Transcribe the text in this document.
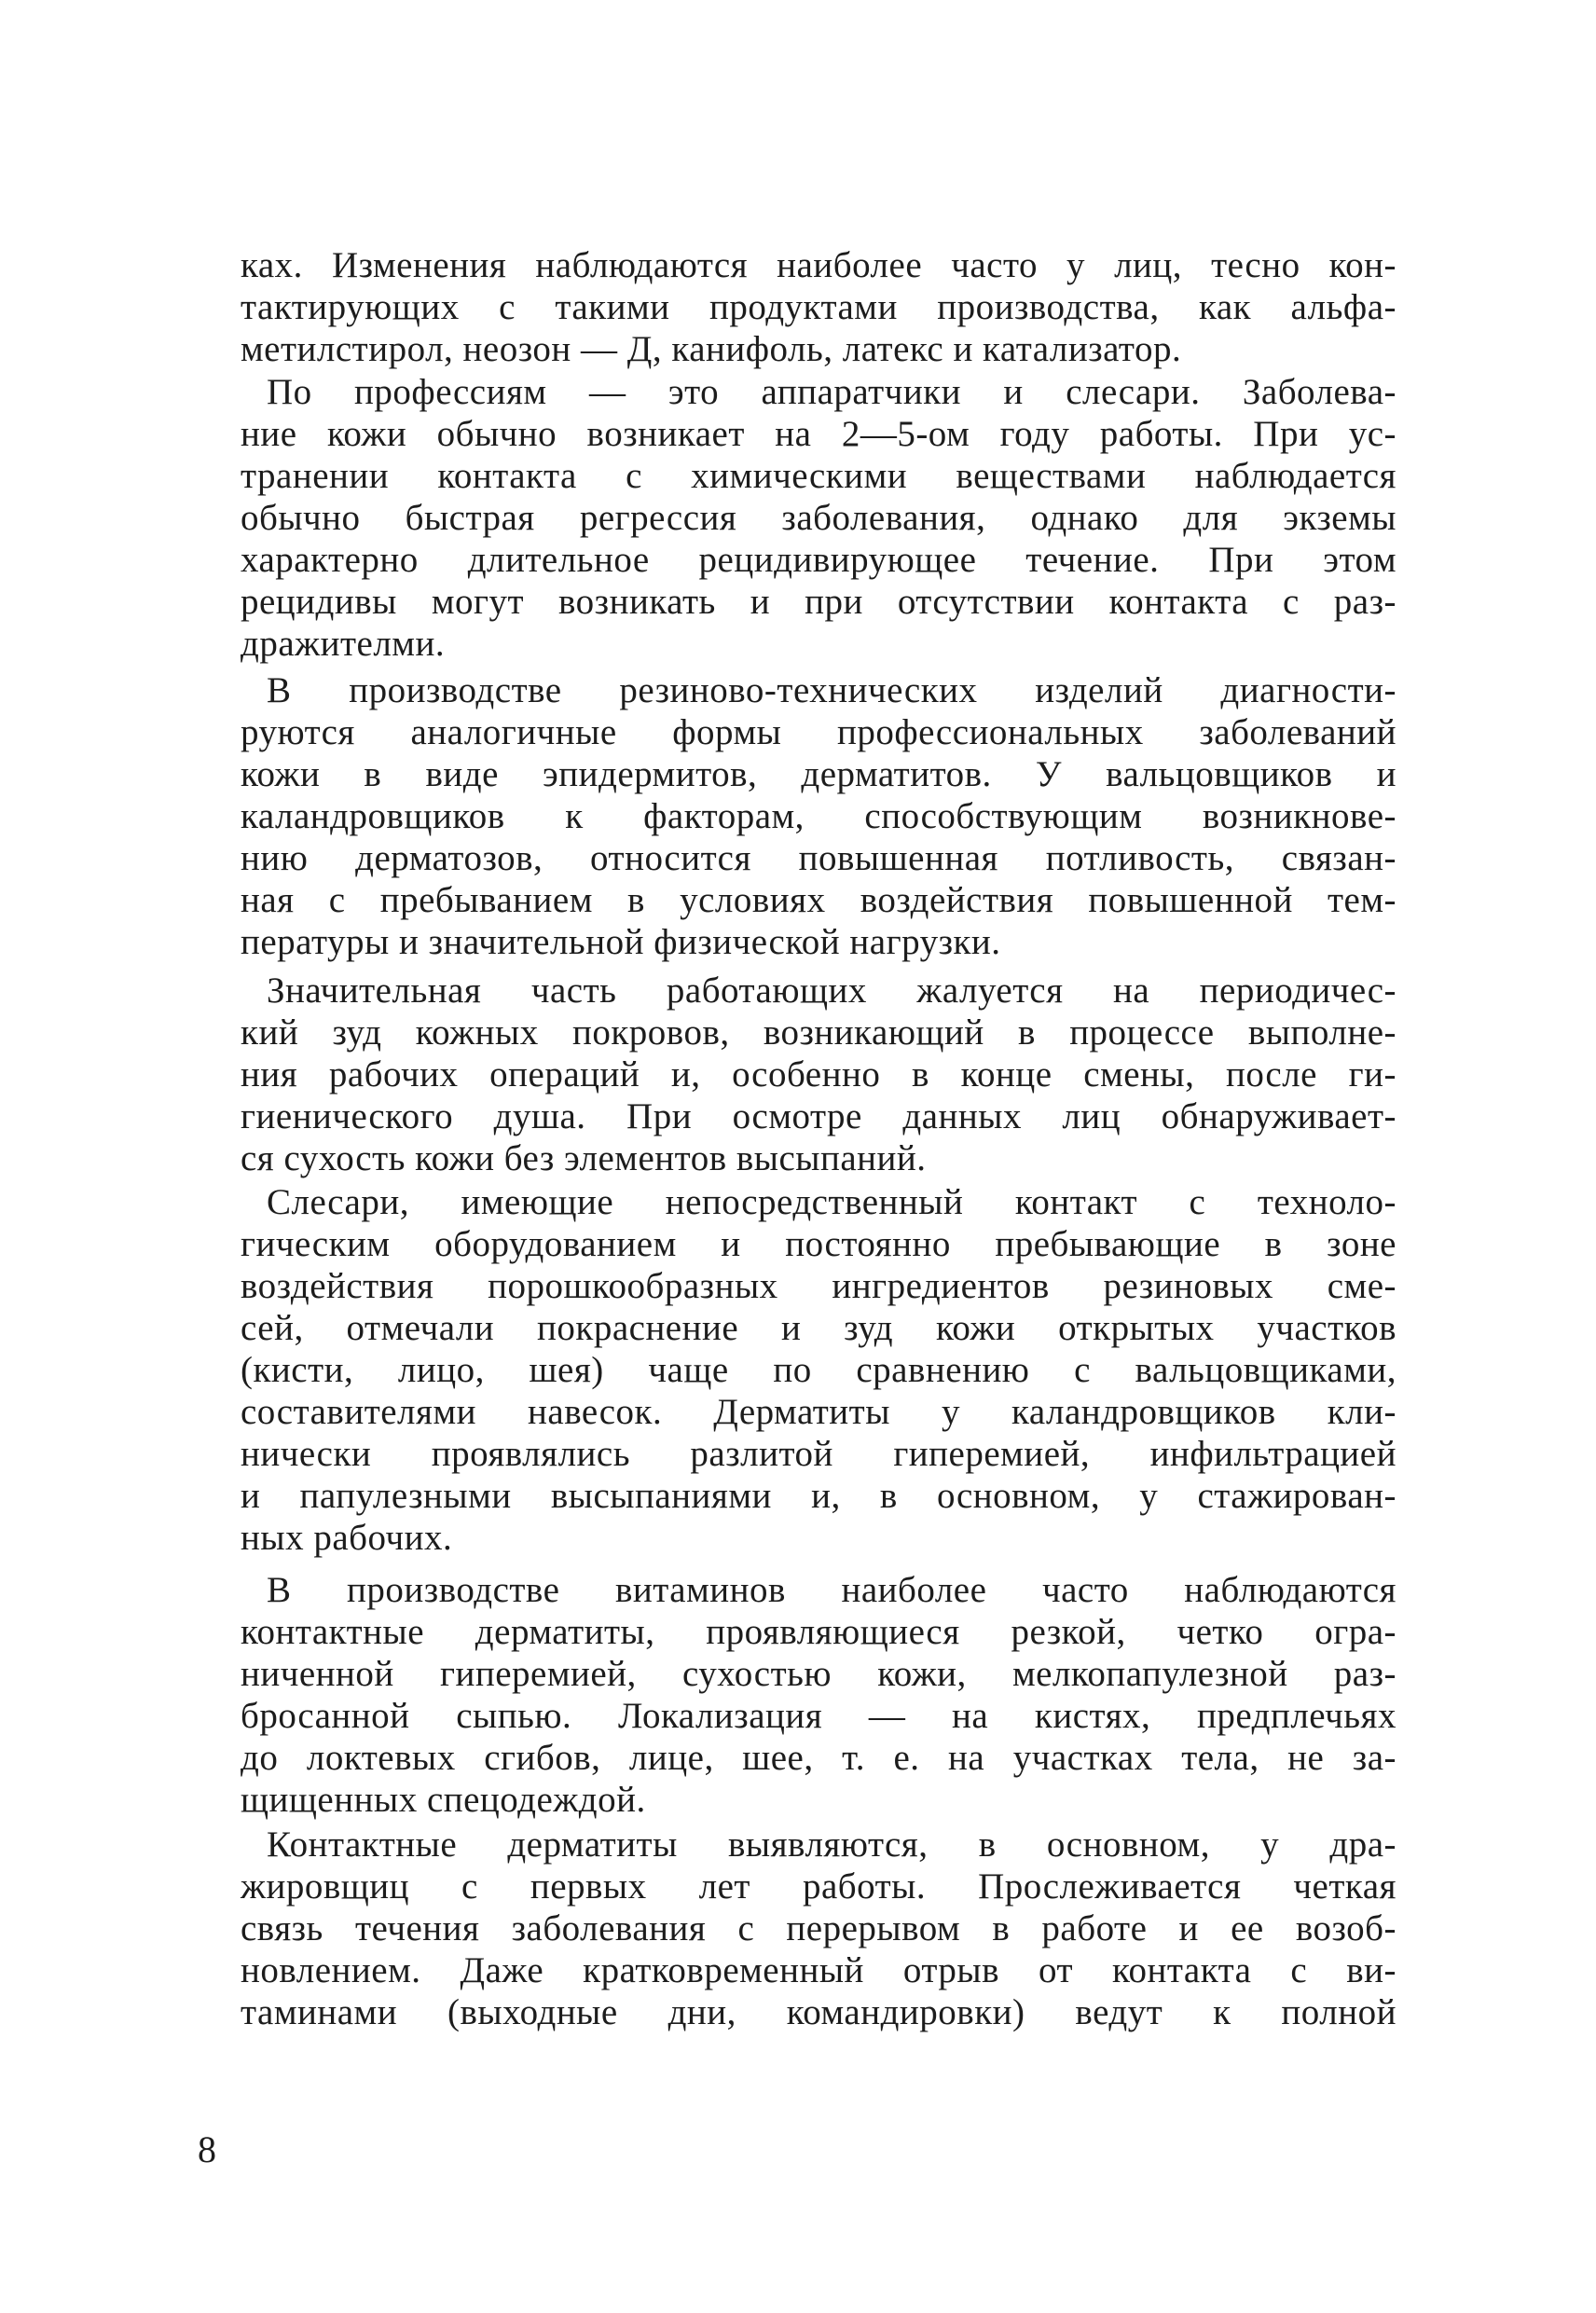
ках. Изменения наблюдаются наиболее часто у лиц, тесно кон-
тактирующих с такими продуктами производства, как альфа-
метилстирол, неозон — Д, канифоль, латекс и катализатор.
По профессиям — это аппаратчики и слесари. Заболева-
ние кожи обычно возникает на 2—5-ом году работы. При ус-
транении контакта с химическими веществами наблюдается
обычно быстрая регрессия заболевания, однако для экземы
характерно длительное рецидивирующее течение. При этом
рецидивы могут возникать и при отсутствии контакта с раз-
дражителми.
В производстве резиново-технических изделий диагности-
руются аналогичные формы профессиональных заболеваний
кожи в виде эпидермитов, дерматитов. У вальцовщиков и
каландровщиков к факторам, способствующим возникнове-
нию дерматозов, относится повышенная потливость, связан-
ная с пребыванием в условиях воздействия повышенной тем-
пературы и значительной физической нагрузки.
Значительная часть работающих жалуется на периодичес-
кий зуд кожных покровов, возникающий в процессе выполне-
ния рабочих операций и, особенно в конце смены, после ги-
гиенического душа. При осмотре данных лиц обнаруживает-
ся сухость кожи без элементов высыпаний.
Слесари, имеющие непосредственный контакт с техноло-
гическим оборудованием и постоянно пребывающие в зоне
воздействия порошкообразных ингредиентов резиновых сме-
сей, отмечали покраснение и зуд кожи открытых участков
(кисти, лицо, шея) чаще по сравнению с вальцовщиками,
составителями навесок. Дерматиты у каландровщиков кли-
нически проявлялись разлитой гиперемией, инфильтрацией
и папулезными высыпаниями и, в основном, у стажирован-
ных рабочих.
В производстве витаминов наиболее часто наблюдаются
контактные дерматиты, проявляющиеся резкой, четко огра-
ниченной гиперемией, сухостью кожи, мелкопапулезной раз-
бросанной сыпью. Локализация — на кистях, предплечьях
до локтевых сгибов, лице, шее, т. е. на участках тела, не за-
щищенных спецодеждой.
Контактные дерматиты выявляются, в основном, у дра-
жировщиц с первых лет работы. Прослеживается четкая
связь течения заболевания с перерывом в работе и ее возоб-
новлением. Даже кратковременный отрыв от контакта с ви-
таминами (выходные дни, командировки) ведут к полной
8
